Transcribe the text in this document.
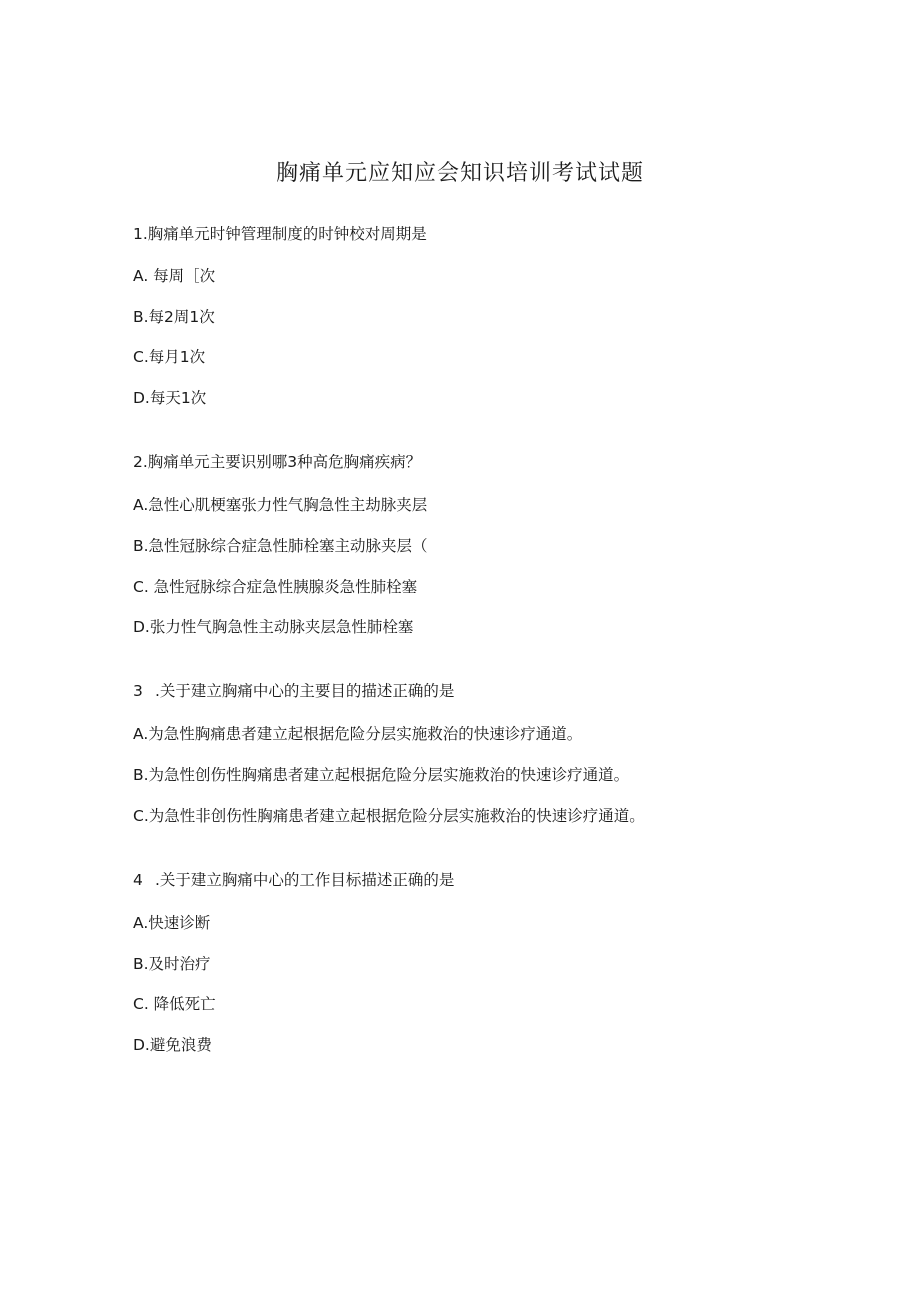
胸痛单元应知应会知识培训考试试题
1.胸痛单元时钟管理制度的时钟校对周期是
A. 每周［次
B.每2周1次
C.每月1次
D.每天1次
2.胸痛单元主要识别哪3种高危胸痛疾病？
A.急性心肌梗塞张力性气胸急性主劫脉夹层
B.急性冠脉综合症急性肺栓塞主动脉夹层（
C. 急性冠脉综合症急性胰腺炎急性肺栓塞
D.张力性气胸急性主动脉夹层急性肺栓塞
3 .关于建立胸痛中心的主要目的描述正确的是
A.为急性胸痛患者建立起根据危险分层实施救治的快速诊疗通道。
B.为急性创伤性胸痛患者建立起根据危险分层实施救治的快速诊疗通道。
C.为急性非创伤性胸痛患者建立起根据危险分层实施救治的快速诊疗通道。
4 .关于建立胸痛中心的工作目标描述正确的是
A.快速诊断
B.及时治疗
C. 降低死亡
D.避免浪费
